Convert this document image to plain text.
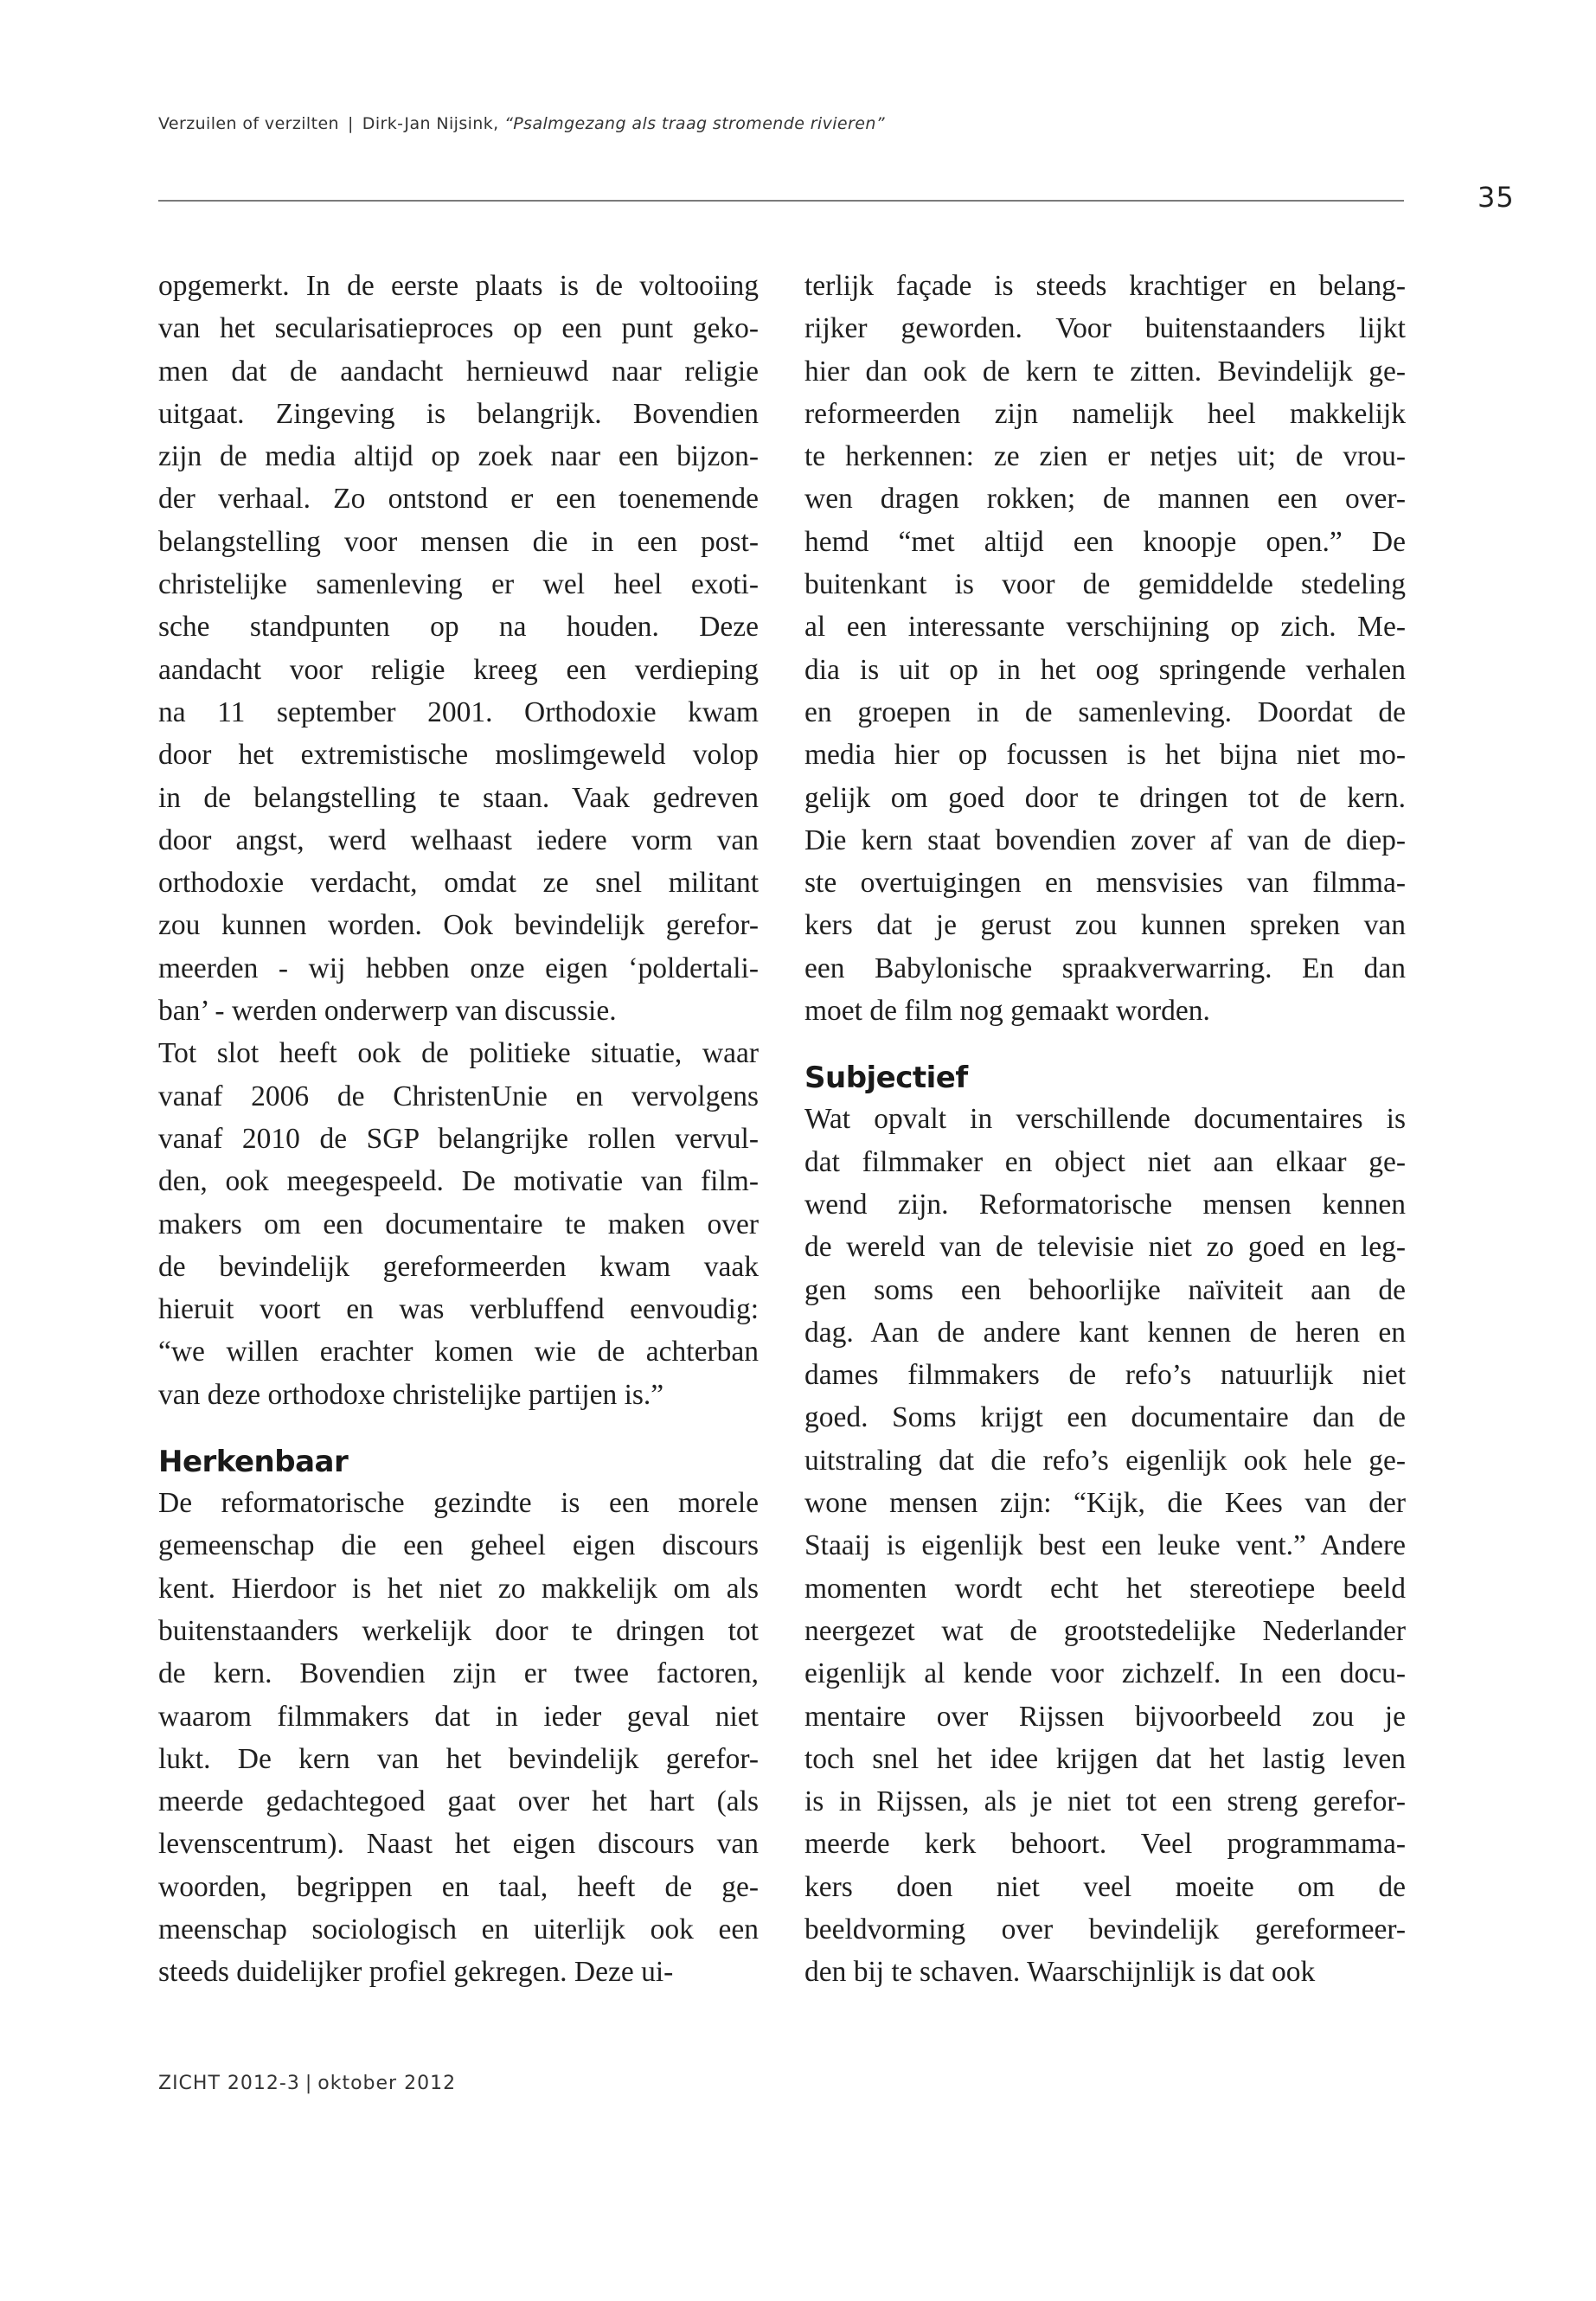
Verzuilen of verzilten | Dirk-Jan Nijsink, “Psalmgezang als traag stromende rivieren”
35
opgemerkt. In de eerste plaats is de voltooiing
van het secularisatieproces op een punt geko-
men dat de aandacht hernieuwd naar religie
uitgaat. Zingeving is belangrijk. Bovendien
zijn de media altijd op zoek naar een bijzon-
der verhaal. Zo ontstond er een toenemende
belangstelling voor mensen die in een post-
christelijke samenleving er wel heel exoti-
sche standpunten op na houden. Deze
aandacht voor religie kreeg een verdieping
na 11 september 2001. Orthodoxie kwam
door het extremistische moslimgeweld volop
in de belangstelling te staan. Vaak gedreven
door angst, werd welhaast iedere vorm van
orthodoxie verdacht, omdat ze snel militant
zou kunnen worden. Ook bevindelijk gerefor-
meerden - wij hebben onze eigen ‘poldertali-
ban’ - werden onderwerp van discussie.
Tot slot heeft ook de politieke situatie, waar
vanaf 2006 de ChristenUnie en vervolgens
vanaf 2010 de SGP belangrijke rollen vervul-
den, ook meegespeeld. De motivatie van film-
makers om een documentaire te maken over
de bevindelijk gereformeerden kwam vaak
hieruit voort en was verbluffend eenvoudig:
“we willen erachter komen wie de achterban
van deze orthodoxe christelijke partijen is.”
Herkenbaar
De reformatorische gezindte is een morele
gemeenschap die een geheel eigen discours
kent. Hierdoor is het niet zo makkelijk om als
buitenstaanders werkelijk door te dringen tot
de kern. Bovendien zijn er twee factoren,
waarom filmmakers dat in ieder geval niet
lukt. De kern van het bevindelijk gerefor-
meerde gedachtegoed gaat over het hart (als
levenscentrum). Naast het eigen discours van
woorden, begrippen en taal, heeft de ge-
meenschap sociologisch en uiterlijk ook een
steeds duidelijker profiel gekregen. Deze ui-
terlijk façade is steeds krachtiger en belang-
rijker geworden. Voor buitenstaanders lijkt
hier dan ook de kern te zitten. Bevindelijk ge-
reformeerden zijn namelijk heel makkelijk
te herkennen: ze zien er netjes uit; de vrou-
wen dragen rokken; de mannen een over-
hemd “met altijd een knoopje open.” De
buitenkant is voor de gemiddelde stedeling
al een interessante verschijning op zich. Me-
dia is uit op in het oog springende verhalen
en groepen in de samenleving. Doordat de
media hier op focussen is het bijna niet mo-
gelijk om goed door te dringen tot de kern.
Die kern staat bovendien zover af van de diep-
ste overtuigingen en mensvisies van filmma-
kers dat je gerust zou kunnen spreken van
een Babylonische spraakverwarring. En dan
moet de film nog gemaakt worden.
Subjectief
Wat opvalt in verschillende documentaires is
dat filmmaker en object niet aan elkaar ge-
wend zijn. Reformatorische mensen kennen
de wereld van de televisie niet zo goed en leg-
gen soms een behoorlijke naïviteit aan de
dag. Aan de andere kant kennen de heren en
dames filmmakers de refo’s natuurlijk niet
goed. Soms krijgt een documentaire dan de
uitstraling dat die refo’s eigenlijk ook hele ge-
wone mensen zijn: “Kijk, die Kees van der
Staaij is eigenlijk best een leuke vent.” Andere
momenten wordt echt het stereotiepe beeld
neergezet wat de grootstedelijke Nederlander
eigenlijk al kende voor zichzelf. In een docu-
mentaire over Rijssen bijvoorbeeld zou je
toch snel het idee krijgen dat het lastig leven
is in Rijssen, als je niet tot een streng gerefor-
meerde kerk behoort. Veel programmama-
kers doen niet veel moeite om de
beeldvorming over bevindelijk gereformeer-
den bij te schaven. Waarschijnlijk is dat ook
ZICHT 2012-3 | oktober 2012
